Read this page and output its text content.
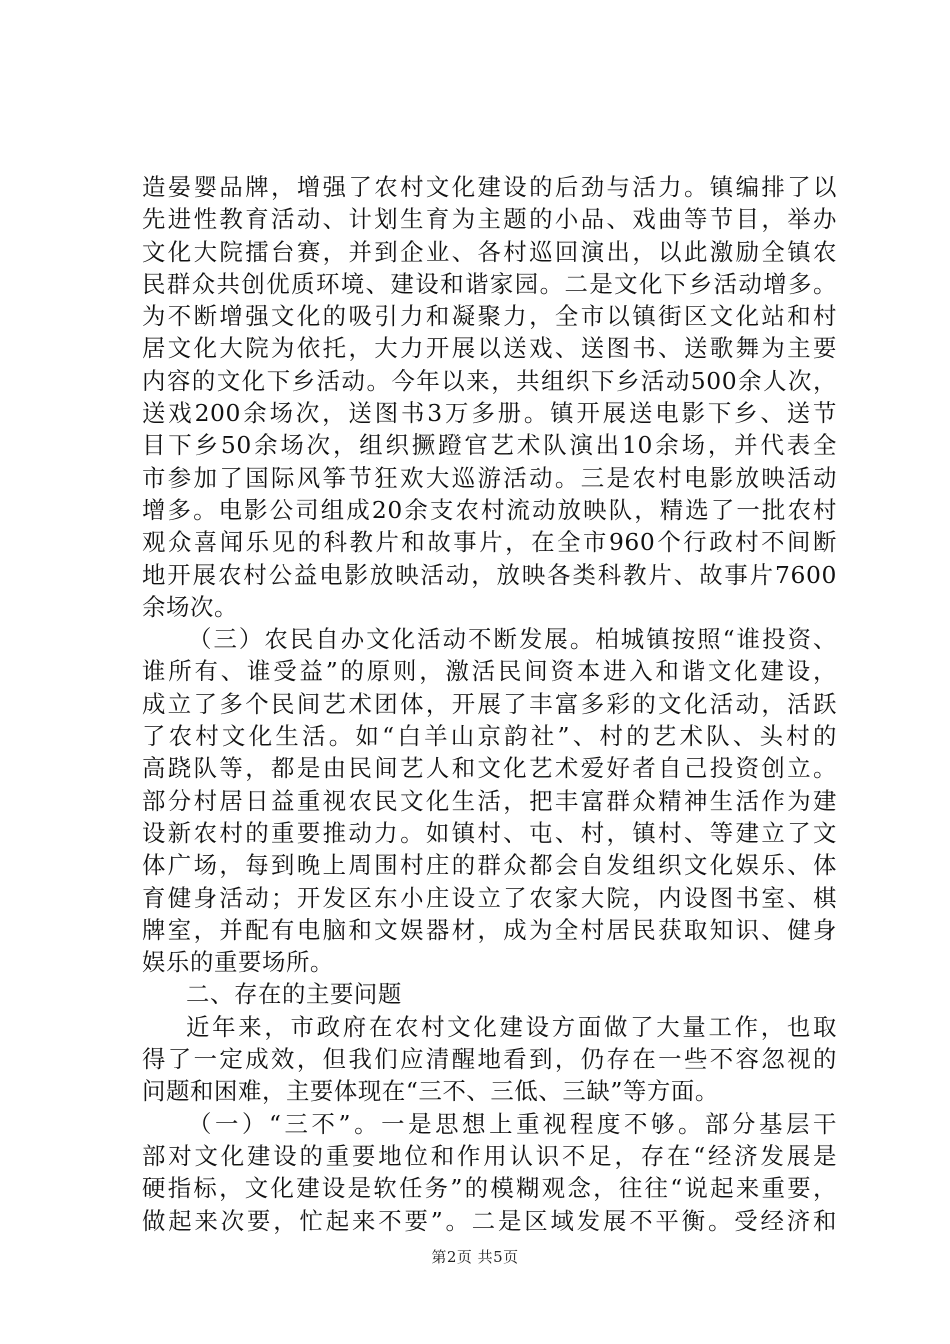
造晏婴品牌，增强了农村文化建设的后劲与活力。镇编排了以
先进性教育活动、计划生育为主题的小品、戏曲等节目，举办
文化大院擂台赛，并到企业、各村巡回演出，以此激励全镇农
民群众共创优质环境、建设和谐家园。二是文化下乡活动增多。
为不断增强文化的吸引力和凝聚力，全市以镇街区文化站和村
居文化大院为依托，大力开展以送戏、送图书、送歌舞为主要
内容的文化下乡活动。今年以来，共组织下乡活动500余人次，
送戏200余场次，送图书3万多册。镇开展送电影下乡、送节
目下乡50余场次，组织撅蹬官艺术队演出10余场，并代表全
市参加了国际风筝节狂欢大巡游活动。三是农村电影放映活动
增多。电影公司组成20余支农村流动放映队，精选了一批农村
观众喜闻乐见的科教片和故事片，在全市960个行政村不间断
地开展农村公益电影放映活动，放映各类科教片、故事片7600
余场次。
（三）农民自办文化活动不断发展。柏城镇按照“谁投资、
谁所有、谁受益”的原则，激活民间资本进入和谐文化建设，
成立了多个民间艺术团体，开展了丰富多彩的文化活动，活跃
了农村文化生活。如“白羊山京韵社”、村的艺术队、头村的
高跷队等，都是由民间艺人和文化艺术爱好者自己投资创立。
部分村居日益重视农民文化生活，把丰富群众精神生活作为建
设新农村的重要推动力。如镇村、屯、村，镇村、等建立了文
体广场，每到晚上周围村庄的群众都会自发组织文化娱乐、体
育健身活动；开发区东小庄设立了农家大院，内设图书室、棋
牌室，并配有电脑和文娱器材，成为全村居民获取知识、健身
娱乐的重要场所。
二、存在的主要问题
近年来，市政府在农村文化建设方面做了大量工作，也取
得了一定成效，但我们应清醒地看到，仍存在一些不容忽视的
问题和困难，主要体现在“三不、三低、三缺”等方面。
（一）“三不”。一是思想上重视程度不够。部分基层干
部对文化建设的重要地位和作用认识不足，存在“经济发展是
硬指标，文化建设是软任务”的模糊观念，往往“说起来重要，
做起来次要，忙起来不要”。二是区域发展不平衡。受经济和
第2页 共5页
